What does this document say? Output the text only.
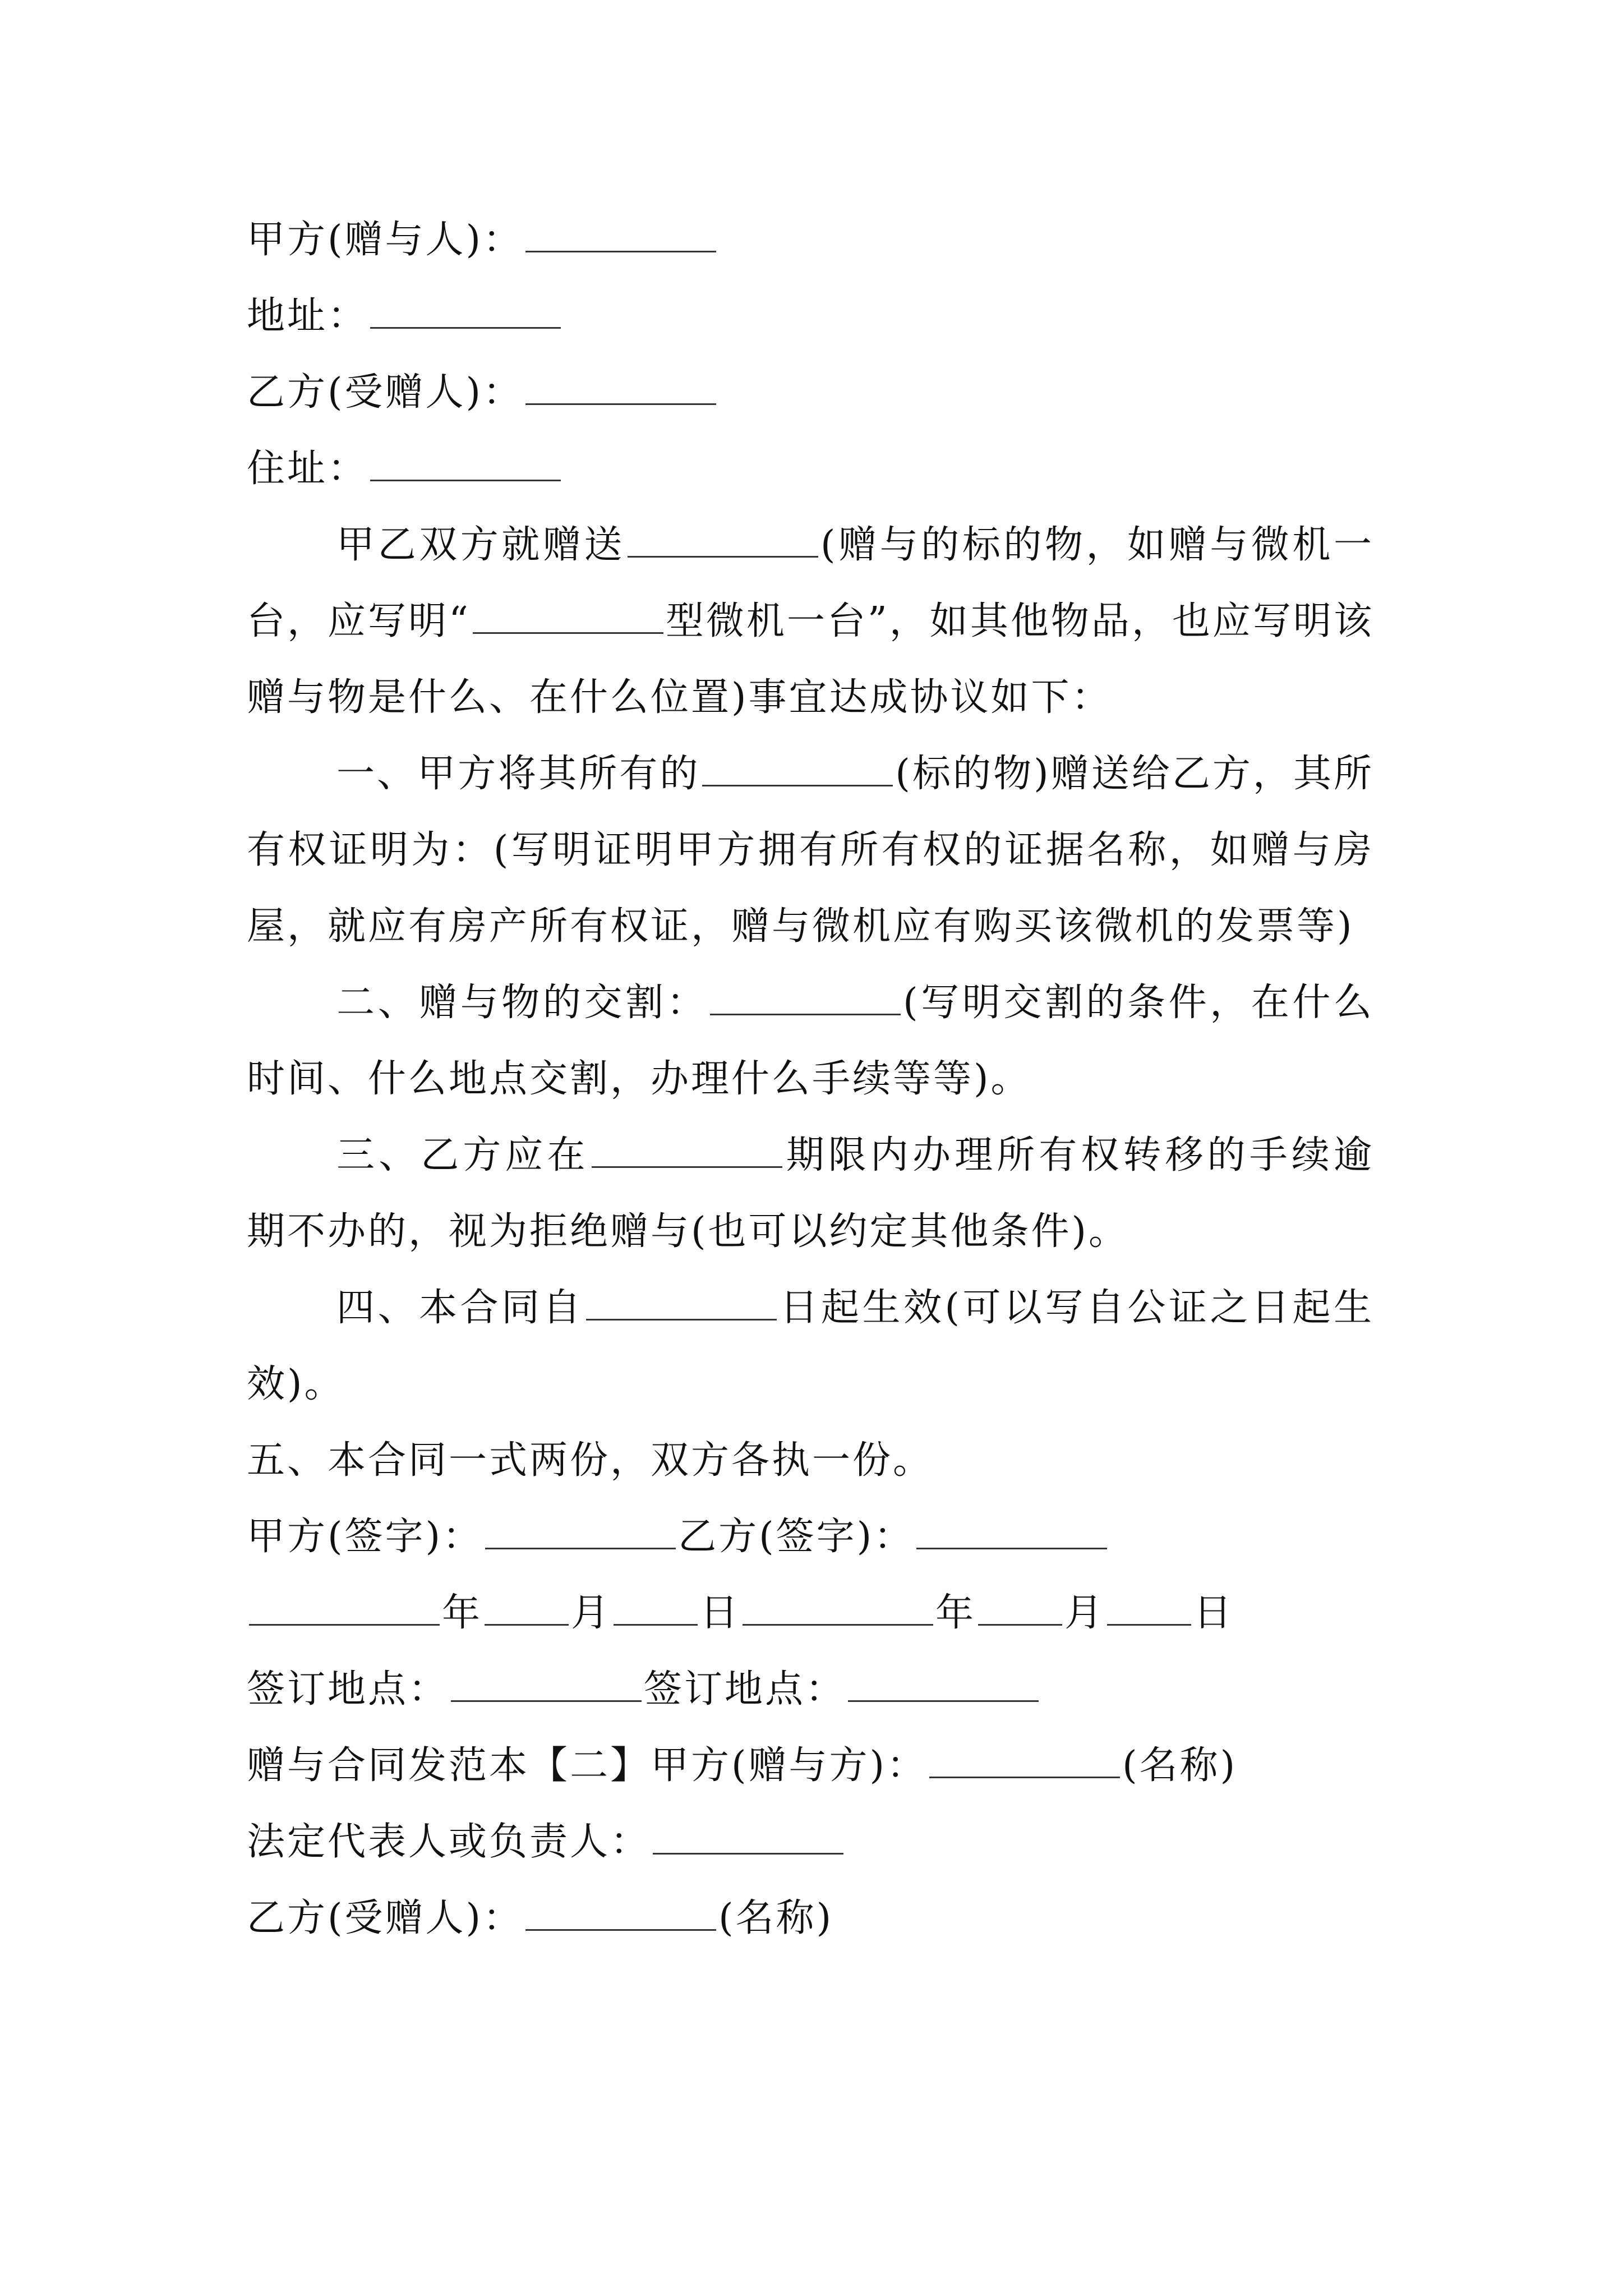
甲方(赠与人)：

地址：

乙方(受赠人)：

住址：

甲乙双方就赠送	(赠与的标的物，如赠与微机一台，应写明“	型微机一台”，如其他物品，也应写明该赠与物是什么、在什么位置)事宜达成协议如下：

一、甲方将其所有的	(标的物)赠送给乙方，其所有权证明为：(写明证明甲方拥有所有权的证据名称，如赠与房屋，就应有房产所有权证，赠与微机应有购买该微机的发票等)

二、赠与物的交割：	(写明交割的条件，在什么时间、什么地点交割，办理什么手续等等)。

三、乙方应在	期限内办理所有权转移的手续逾期不办的，视为拒绝赠与(也可以约定其他条件)。

四、本合同自	日起生效(可以写自公证之日起生效)。

五、本合同一式两份，双方各执一份。

甲方(签字)：	乙方(签字)：

年 月 日	年 月 日

签订地点：	签订地点：

赠与合同发范本【二】甲方(赠与方)：	(名称)

法定代表人或负责人：

乙方(受赠人)：	(名称)
